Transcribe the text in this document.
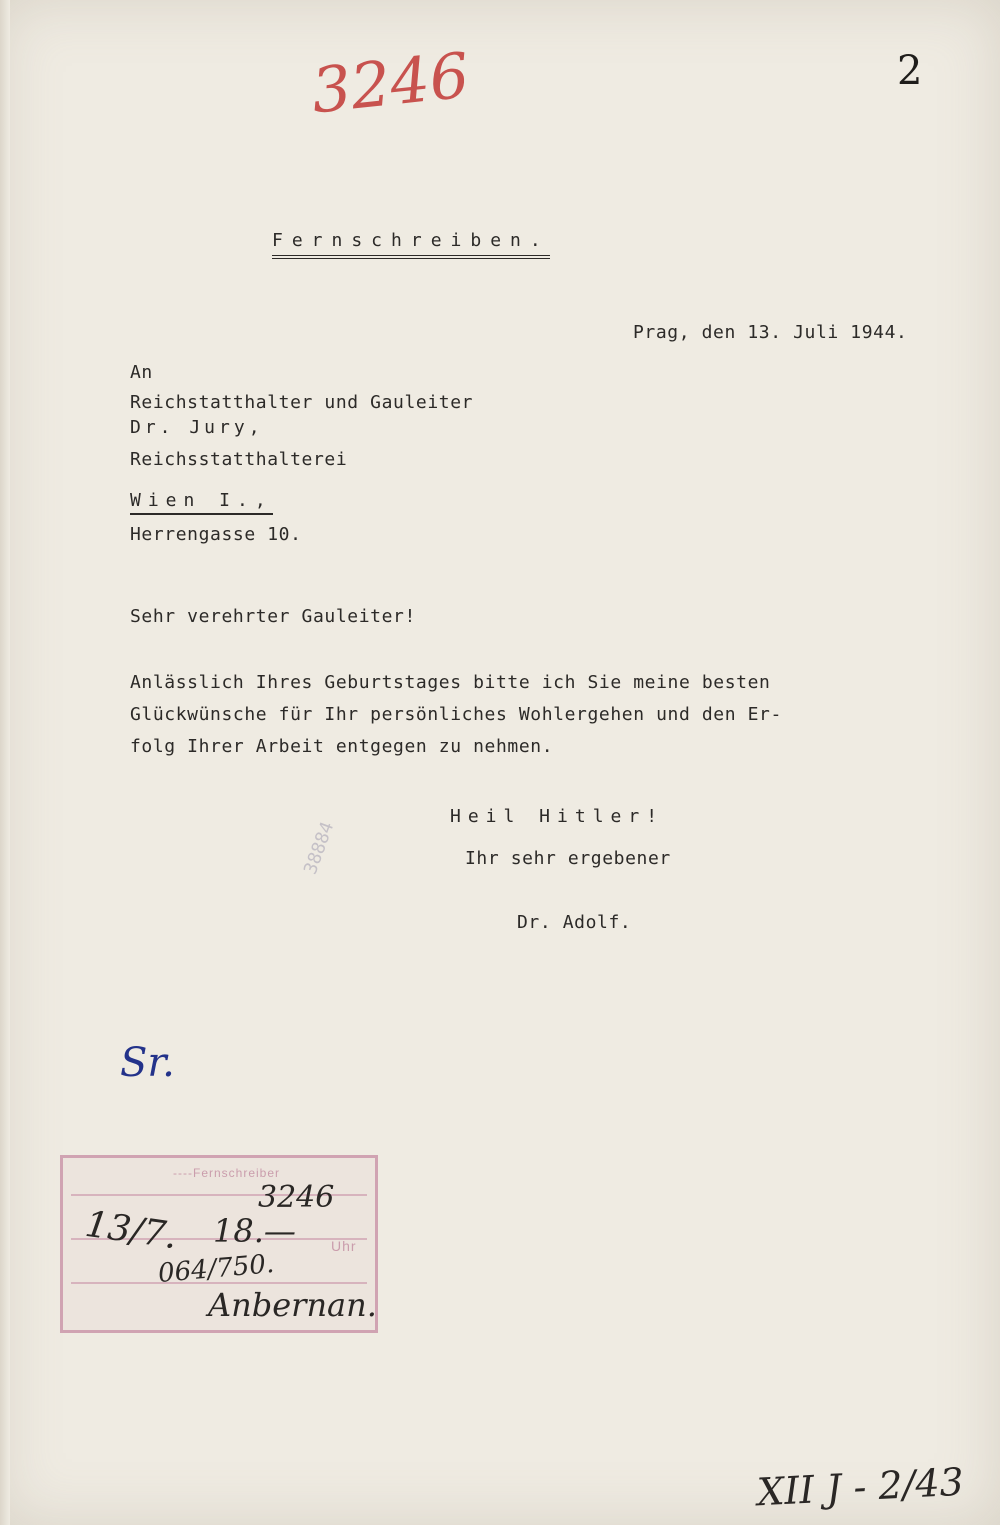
2
3246

Fernschreiben.

Prag, den 13. Juli 1944.

An

Reichstatthalter und Gauleiter

Dr. Jury,

Reichsstatthalterei

Wien I.,

Herrengasse 10.

Sehr verehrter Gauleiter!

Anlässlich Ihres Geburtstages bitte ich Sie meine besten

Glückwünsche für Ihr persönliches Wohlergehen und den Er-

folg Ihrer Arbeit entgegen zu nehmen.

Heil Hitler!

Ihr sehr ergebener

Dr. Adolf.

38884
Sr.
----Fernschreiber
3246
13/7. 18.—	Uhr
064/750.
Anbernan.
XII J - 2/43
